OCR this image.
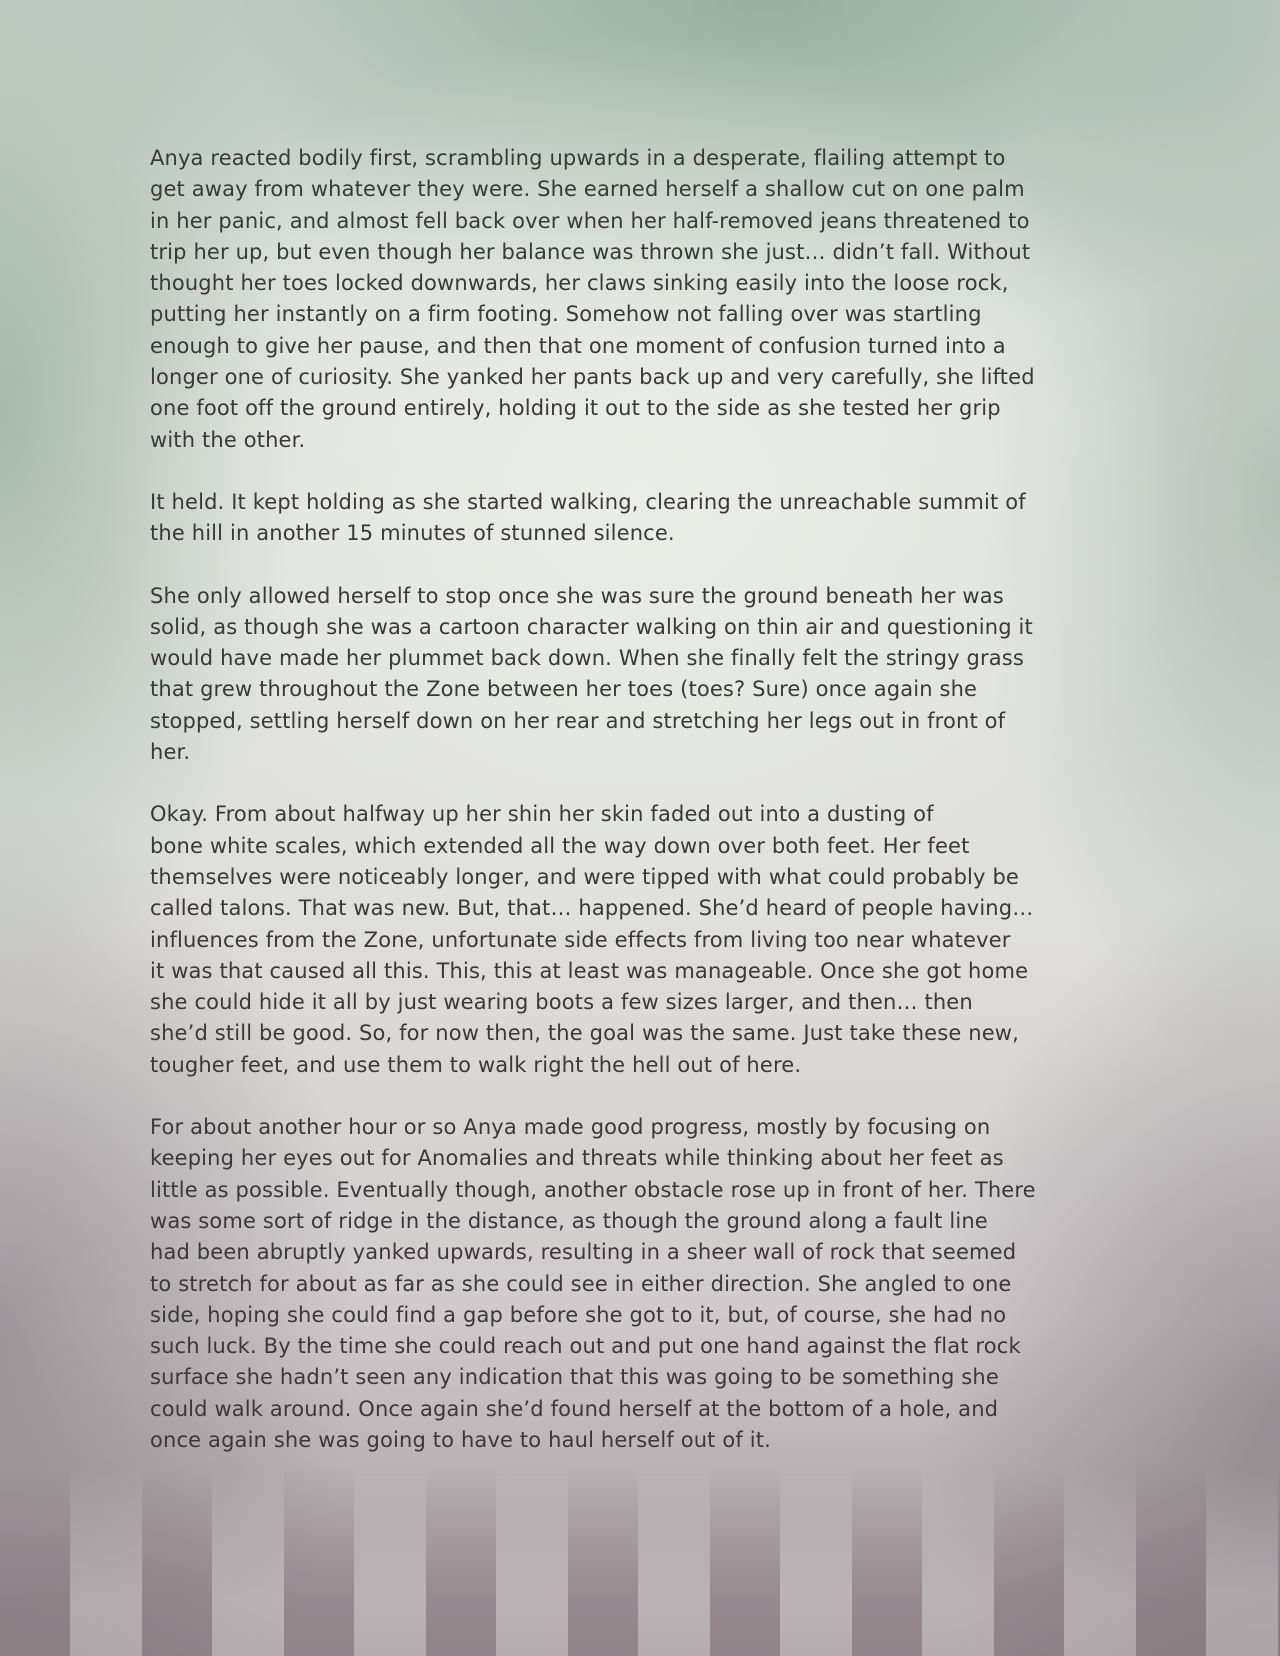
Anya reacted bodily first, scrambling upwards in a desperate, flailing attempt to
get away from whatever they were. She earned herself a shallow cut on one palm
in her panic, and almost fell back over when her half-removed jeans threatened to
trip her up, but even though her balance was thrown she just… didn’t fall. Without
thought her toes locked downwards, her claws sinking easily into the loose rock,
putting her instantly on a firm footing. Somehow not falling over was startling
enough to give her pause, and then that one moment of confusion turned into a
longer one of curiosity. She yanked her pants back up and very carefully, she lifted
one foot off the ground entirely, holding it out to the side as she tested her grip
with the other.

It held. It kept holding as she started walking, clearing the unreachable summit of
the hill in another 15 minutes of stunned silence.

She only allowed herself to stop once she was sure the ground beneath her was
solid, as though she was a cartoon character walking on thin air and questioning it
would have made her plummet back down. When she finally felt the stringy grass
that grew throughout the Zone between her toes (toes? Sure) once again she
stopped, settling herself down on her rear and stretching her legs out in front of
her.

Okay. From about halfway up her shin her skin faded out into a dusting of
bone white scales, which extended all the way down over both feet. Her feet
themselves were noticeably longer, and were tipped with what could probably be
called talons. That was new. But, that… happened. She’d heard of people having…
influences from the Zone, unfortunate side effects from living too near whatever
it was that caused all this. This, this at least was manageable. Once she got home
she could hide it all by just wearing boots a few sizes larger, and then… then
she’d still be good. So, for now then, the goal was the same. Just take these new,
tougher feet, and use them to walk right the hell out of here.

For about another hour or so Anya made good progress, mostly by focusing on
keeping her eyes out for Anomalies and threats while thinking about her feet as
little as possible. Eventually though, another obstacle rose up in front of her. There
was some sort of ridge in the distance, as though the ground along a fault line
had been abruptly yanked upwards, resulting in a sheer wall of rock that seemed
to stretch for about as far as she could see in either direction. She angled to one
side, hoping she could find a gap before she got to it, but, of course, she had no
such luck. By the time she could reach out and put one hand against the flat rock
surface she hadn’t seen any indication that this was going to be something she
could walk around. Once again she’d found herself at the bottom of a hole, and
once again she was going to have to haul herself out of it.
